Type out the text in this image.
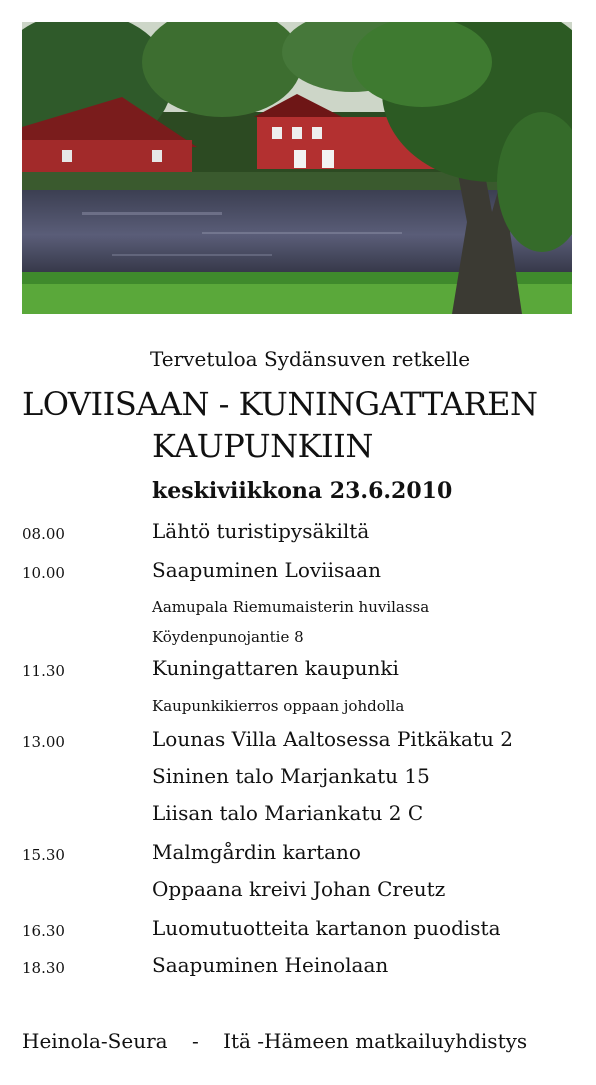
Tervetuloa Sydänsuven retkelle
LOVIISAAN - KUNINGATTAREN
KAUPUNKIIN
keskiviikkona 23.6.2010
08.00	Lähtö turistipysäkiltä
10.00	Saapuminen Loviisaan
Aamupala Riemumaisterin huvilassa
Köydenpunojantie 8
11.30	Kuningattaren kaupunki
Kaupunkikierros oppaan johdolla
13.00	Lounas Villa Aaltosessa Pitkäkatu 2
Sininen talo Marjankatu 15
Liisan talo Mariankatu 2 C
15.30	Malmgårdin kartano
Oppaana kreivi Johan Creutz
16.30	Luomutuotteita kartanon puodista
18.30	Saapuminen Heinolaan
Heinola-Seura - Itä -Hämeen matkailuyhdistys
